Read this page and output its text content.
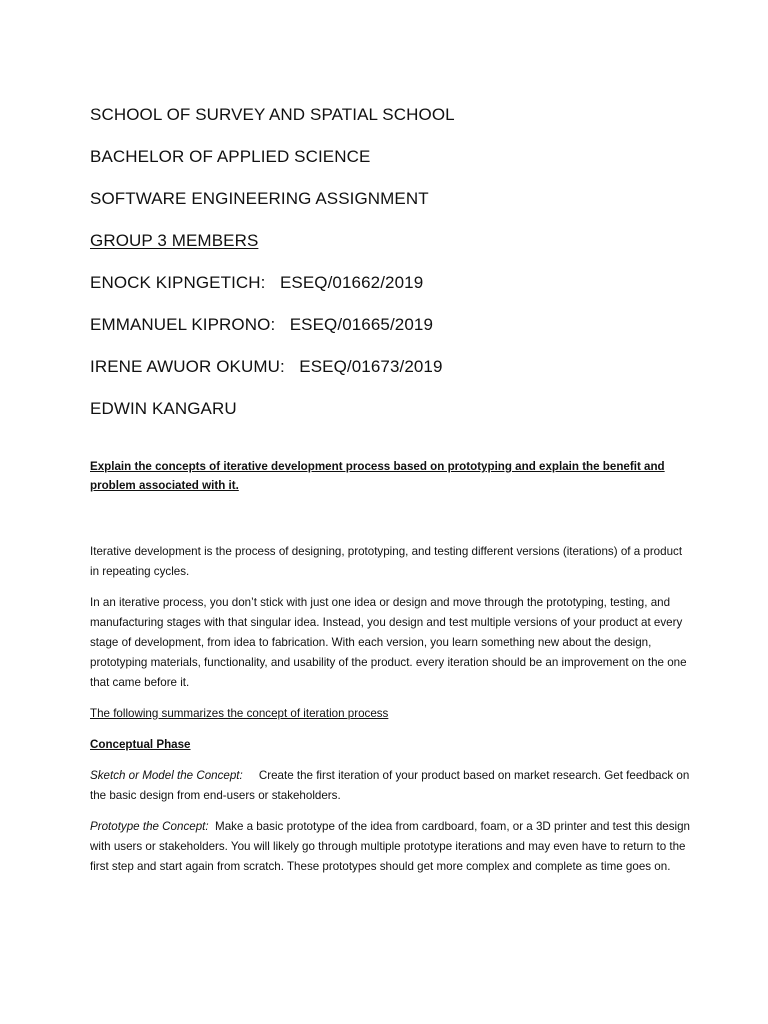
SCHOOL OF SURVEY AND SPATIAL SCHOOL
BACHELOR OF APPLIED SCIENCE
SOFTWARE ENGINEERING ASSIGNMENT
GROUP 3 MEMBERS
ENOCK KIPNGETICH:   ESEQ/01662/2019
EMMANUEL KIPRONO:   ESEQ/01665/2019
IRENE AWUOR OKUMU:   ESEQ/01673/2019
EDWIN KANGARU
Explain the concepts of iterative development process based on prototyping and explain the benefit and problem associated with it.

Iterative development is the process of designing, prototyping, and testing different versions (iterations) of a product in repeating cycles.

In an iterative process, you don’t stick with just one idea or design and move through the prototyping, testing, and manufacturing stages with that singular idea. Instead, you design and test multiple versions of your product at every stage of development, from idea to fabrication. With each version, you learn something new about the design, prototyping materials, functionality, and usability of the product. every iteration should be an improvement on the one that came before it.

The following summarizes the concept of iteration process

Conceptual Phase

Sketch or Model the Concept:     Create the first iteration of your product based on market research. Get feedback on the basic design from end-users or stakeholders.

Prototype the Concept:  Make a basic prototype of the idea from cardboard, foam, or a 3D printer and test this design with users or stakeholders. You will likely go through multiple prototype iterations and may even have to return to the first step and start again from scratch. These prototypes should get more complex and complete as time goes on.
